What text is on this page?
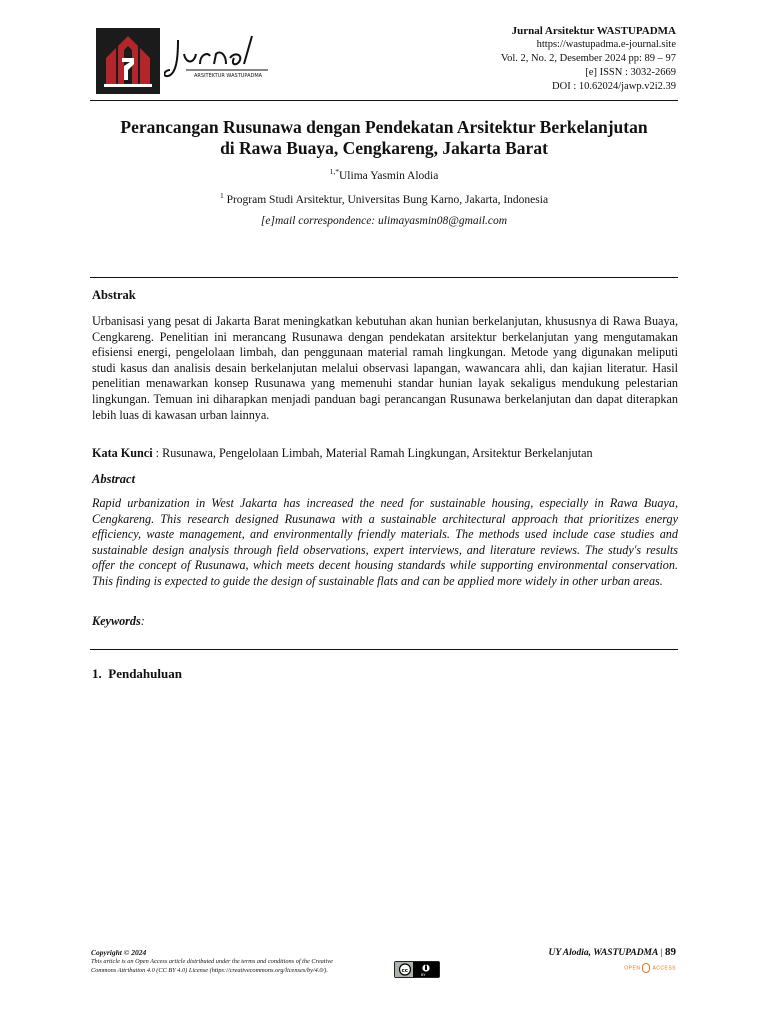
ARSITEKTUR WASTUPADMA
Jurnal Arsitektur WASTUPADMA
https://wastupadma.e-journal.site
Vol. 2, No. 2, Desember 2024 pp: 89 – 97
[e] ISSN : 3032-2669
DOI : 10.62024/jawp.v2i2.39
Perancangan Rusunawa dengan Pendekatan Arsitektur Berkelanjutan
di Rawa Buaya, Cengkareng, Jakarta Barat
$^{1,*}$Ulima Yasmin Alodia
$^1$ Program Studi Arsitektur, Universitas Bung Karno, Jakarta, Indonesia
[e]mail correspondence: ulimayasmin08@gmail.com
Abstrak
Urbanisasi yang pesat di Jakarta Barat meningkatkan kebutuhan akan hunian berkelanjutan, khususnya di Rawa Buaya, Cengkareng. Penelitian ini merancang Rusunawa dengan pendekatan arsitektur berkelanjutan yang mengutamakan efisiensi energi, pengelolaan limbah, dan penggunaan material ramah lingkungan. Metode yang digunakan meliputi studi kasus dan analisis desain berkelanjutan melalui observasi lapangan, wawancara ahli, dan kajian literatur. Hasil penelitian menawarkan konsep Rusunawa yang memenuhi standar hunian layak sekaligus mendukung pelestarian lingkungan. Temuan ini diharapkan menjadi panduan bagi perancangan Rusunawa berkelanjutan dan dapat diterapkan lebih luas di kawasan urban lainnya.
Kata Kunci : Rusunawa, Pengelolaan Limbah, Material Ramah Lingkungan, Arsitektur Berkelanjutan
Abstract
Rapid urbanization in West Jakarta has increased the need for sustainable housing, especially in Rawa Buaya, Cengkareng. This research designed Rusunawa with a sustainable architectural approach that prioritizes energy efficiency, waste management, and environmentally friendly materials. The methods used include case studies and sustainable design analysis through field observations, expert interviews, and literature reviews. The study's results offer the concept of Rusunawa, which meets decent housing standards while supporting environmental conservation. This finding is expected to guide the design of sustainable flats and can be applied more widely in other urban areas.
Keywords:
1. Pendahuluan
Copyright © 2024
This article is an Open Access article distributed under the terms and conditions of the Creative
Commons Attribution 4.0 (CC BY 4.0) License (https://creativecommons.org/licenses/by/4.0/).	cc
BY
UY Alodia, WASTUPADMA | 89
OPEN ACCESS
